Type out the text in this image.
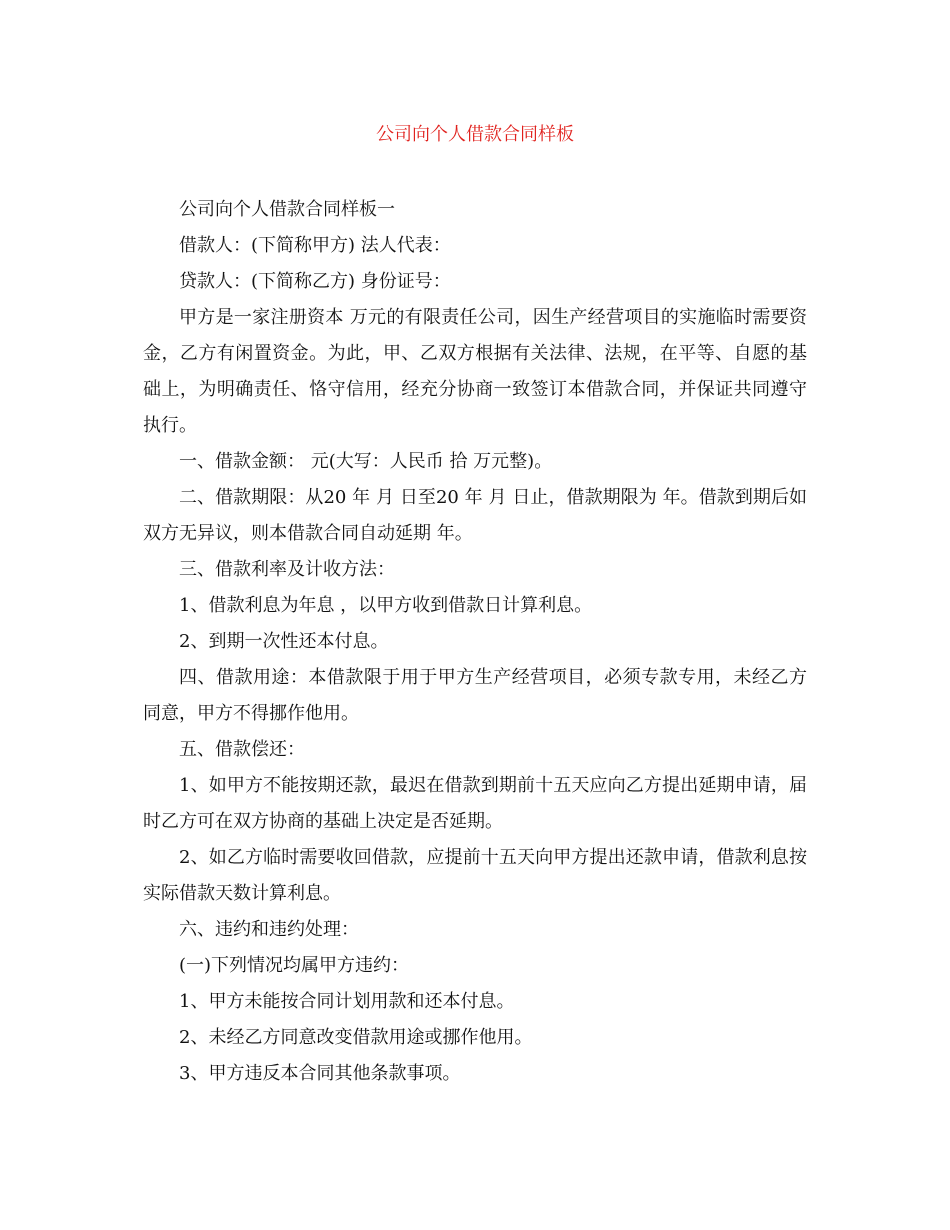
公司向个人借款合同样板

公司向个人借款合同样板一

借款人：(下简称甲方) 法人代表：

贷款人：(下简称乙方) 身份证号：

甲方是一家注册资本 万元的有限责任公司，因生产经营项目的实施临时需要资金，乙方有闲置资金。为此，甲、乙双方根据有关法律、法规，在平等、自愿的基础上，为明确责任、恪守信用，经充分协商一致签订本借款合同，并保证共同遵守执行。

一、借款金额： 元(大写：人民币 拾 万元整)。

二、借款期限：从20 年 月 日至20 年 月 日止，借款期限为 年。借款到期后如双方无异议，则本借款合同自动延期 年。

三、借款利率及计收方法：

1、借款利息为年息 ，以甲方收到借款日计算利息。

2、到期一次性还本付息。

四、借款用途：本借款限于用于甲方生产经营项目，必须专款专用，未经乙方同意，甲方不得挪作他用。

五、借款偿还：

1、如甲方不能按期还款，最迟在借款到期前十五天应向乙方提出延期申请，届时乙方可在双方协商的基础上决定是否延期。

2、如乙方临时需要收回借款，应提前十五天向甲方提出还款申请，借款利息按实际借款天数计算利息。

六、违约和违约处理：

(一)下列情况均属甲方违约：

1、甲方未能按合同计划用款和还本付息。

2、未经乙方同意改变借款用途或挪作他用。

3、甲方违反本合同其他条款事项。
